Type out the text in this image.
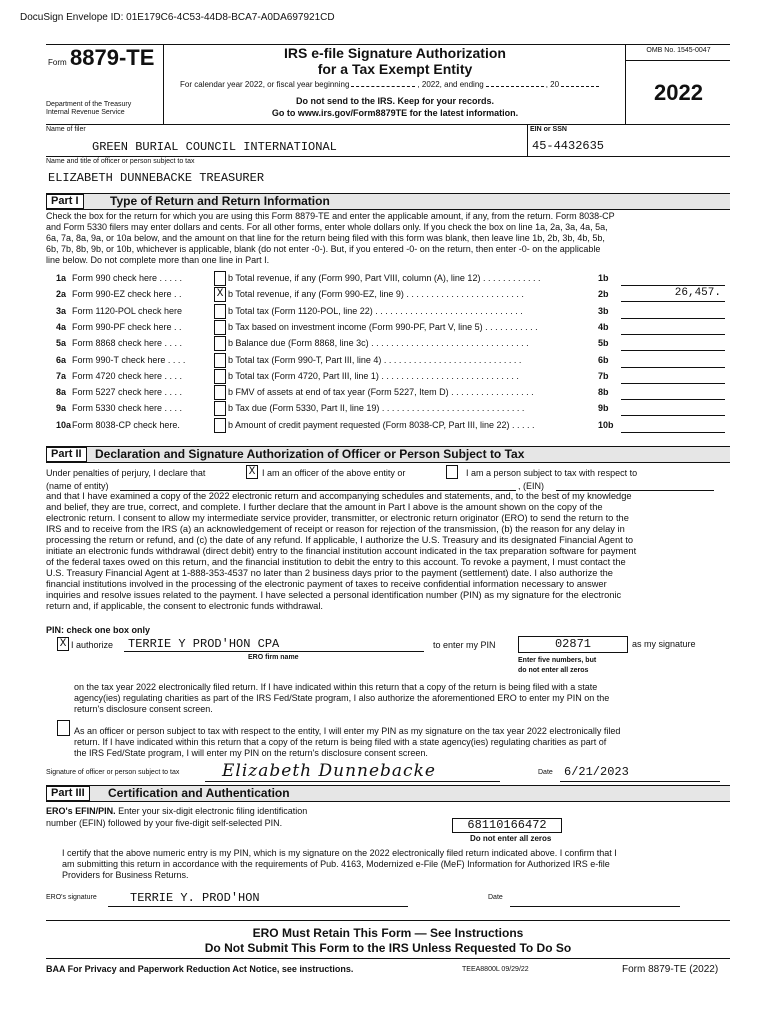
DocuSign Envelope ID: 01E179C6-4C53-44D8-BCA7-A0DA697921CD
Form 8879-TE	IRS e-file Signature Authorization
for a Tax Exempt Entity
For calendar year 2022, or fiscal year beginning	, 2022, and ending	, 20
Department of the Treasury
Internal Revenue Service
Do not send to the IRS. Keep for your records.
Go to www.irs.gov/Form8879TE for the latest information.
OMB No. 1545-0047
2022
Name of filer
GREEN BURIAL COUNCIL INTERNATIONAL
EIN or SSN
45-4432635
Name and title of officer or person subject to tax
ELIZABETH DUNNEBACKE TREASURER
Part I	Type of Return and Return Information
Check the box for the return for which you are using this Form 8879-TE and enter the applicable amount, if any, from the return. Form 8038-CP
and Form 5330 filers may enter dollars and cents. For all other forms, enter whole dollars only. If you check the box on line 1a, 2a, 3a, 4a, 5a,
6a, 7a, 8a, 9a, or 10a below, and the amount on that line for the return being filed with this form was blank, then leave line 1b, 2b, 3b, 4b, 5b,
6b, 7b, 8b, 9b, or 10b, whichever is applicable, blank (do not enter -0-). But, if you entered -0- on the return, then enter -0- on the applicable
line below. Do not complete more than one line in Part I.
1a Form 990 check here . . . . .	b Total revenue, if any (Form 990, Part VIII, column (A), line 12) . . . . . . . . . . . .	1b
2a Form 990-EZ check here . .	X b Total revenue, if any (Form 990-EZ, line 9) . . . . . . . . . . . . . . . . . . . . . . . .	2b	26,457.
3a Form 1120-POL check here	b Total tax (Form 1120-POL, line 22) . . . . . . . . . . . . . . . . . . . . . . . . . . . . . .	3b
4a Form 990-PF check here . .	b Tax based on investment income (Form 990-PF, Part V, line 5) . . . . . . . . . . .	4b
5a Form 8868 check here . . . .	b Balance due (Form 8868, line 3c) . . . . . . . . . . . . . . . . . . . . . . . . . . . . . . . .	5b
6a Form 990-T check here . . . .	b Total tax (Form 990-T, Part III, line 4) . . . . . . . . . . . . . . . . . . . . . . . . . . . .	6b
7a Form 4720 check here . . . .	b Total tax (Form 4720, Part III, line 1) . . . . . . . . . . . . . . . . . . . . . . . . . . . .	7b
8a Form 5227 check here . . . .	b FMV of assets at end of tax year (Form 5227, Item D) . . . . . . . . . . . . . . . . .	8b
9a Form 5330 check here . . . .	b Tax due (Form 5330, Part II, line 19) . . . . . . . . . . . . . . . . . . . . . . . . . . . . .	9b
10a Form 8038-CP check here.	b Amount of credit payment requested (Form 8038-CP, Part III, line 22) . . . . .	10b
Part II	Declaration and Signature Authorization of Officer or Person Subject to Tax
Under penalties of perjury, I declare that	X I am an officer of the above entity or	I am a person subject to tax with respect to
(name of entity)	, (EIN)
and that I have examined a copy of the 2022 electronic return and accompanying schedules and statements, and, to the best of my knowledge
and belief, they are true, correct, and complete. I further declare that the amount in Part I above is the amount shown on the copy of the
electronic return. I consent to allow my intermediate service provider, transmitter, or electronic return originator (ERO) to send the return to the
IRS and to receive from the IRS (a) an acknowledgement of receipt or reason for rejection of the transmission, (b) the reason for any delay in
processing the return or refund, and (c) the date of any refund. If applicable, I authorize the U.S. Treasury and its designated Financial Agent to
initiate an electronic funds withdrawal (direct debit) entry to the financial institution account indicated in the tax preparation software for payment
of the federal taxes owed on this return, and the financial institution to debit the entry to this account. To revoke a payment, I must contact the
U.S. Treasury Financial Agent at 1-888-353-4537 no later than 2 business days prior to the payment (settlement) date. I also authorize the
financial institutions involved in the processing of the electronic payment of taxes to receive confidential information necessary to answer
inquiries and resolve issues related to the payment. I have selected a personal identification number (PIN) as my signature for the electronic
return and, if applicable, the consent to electronic funds withdrawal.
PIN: check one box only
X I authorize TERRIE Y PROD'HON CPA
ERO firm name
to enter my PIN	02871	as my signature
Enter five numbers, but
do not enter all zeros
on the tax year 2022 electronically filed return. If I have indicated within this return that a copy of the return is being filed with a state
agency(ies) regulating charities as part of the IRS Fed/State program, I also authorize the aforementioned ERO to enter my PIN on the
return's disclosure consent screen.
As an officer or person subject to tax with respect to the entity, I will enter my PIN as my signature on the tax year 2022 electronically filed
return. If I have indicated within this return that a copy of the return is being filed with a state agency(ies) regulating charities as part of
the IRS Fed/State program, I will enter my PIN on the return's disclosure consent screen.
Signature of officer or person subject to tax	Elizabeth Dunnebacke	Date 6/21/2023
Part III	Certification and Authentication
ERO's EFIN/PIN. Enter your six-digit electronic filing identification
number (EFIN) followed by your five-digit self-selected PIN.	68110166472
Do not enter all zeros
I certify that the above numeric entry is my PIN, which is my signature on the 2022 electronically filed return indicated above. I confirm that I
am submitting this return in accordance with the requirements of Pub. 4163, Modernized e-File (MeF) Information for Authorized IRS e-file
Providers for Business Returns.
ERO's signature	TERRIE Y. PROD'HON	Date
ERO Must Retain This Form — See Instructions
Do Not Submit This Form to the IRS Unless Requested To Do So
BAA For Privacy and Paperwork Reduction Act Notice, see instructions.	TEEA8800L 09/29/22	Form 8879-TE (2022)
